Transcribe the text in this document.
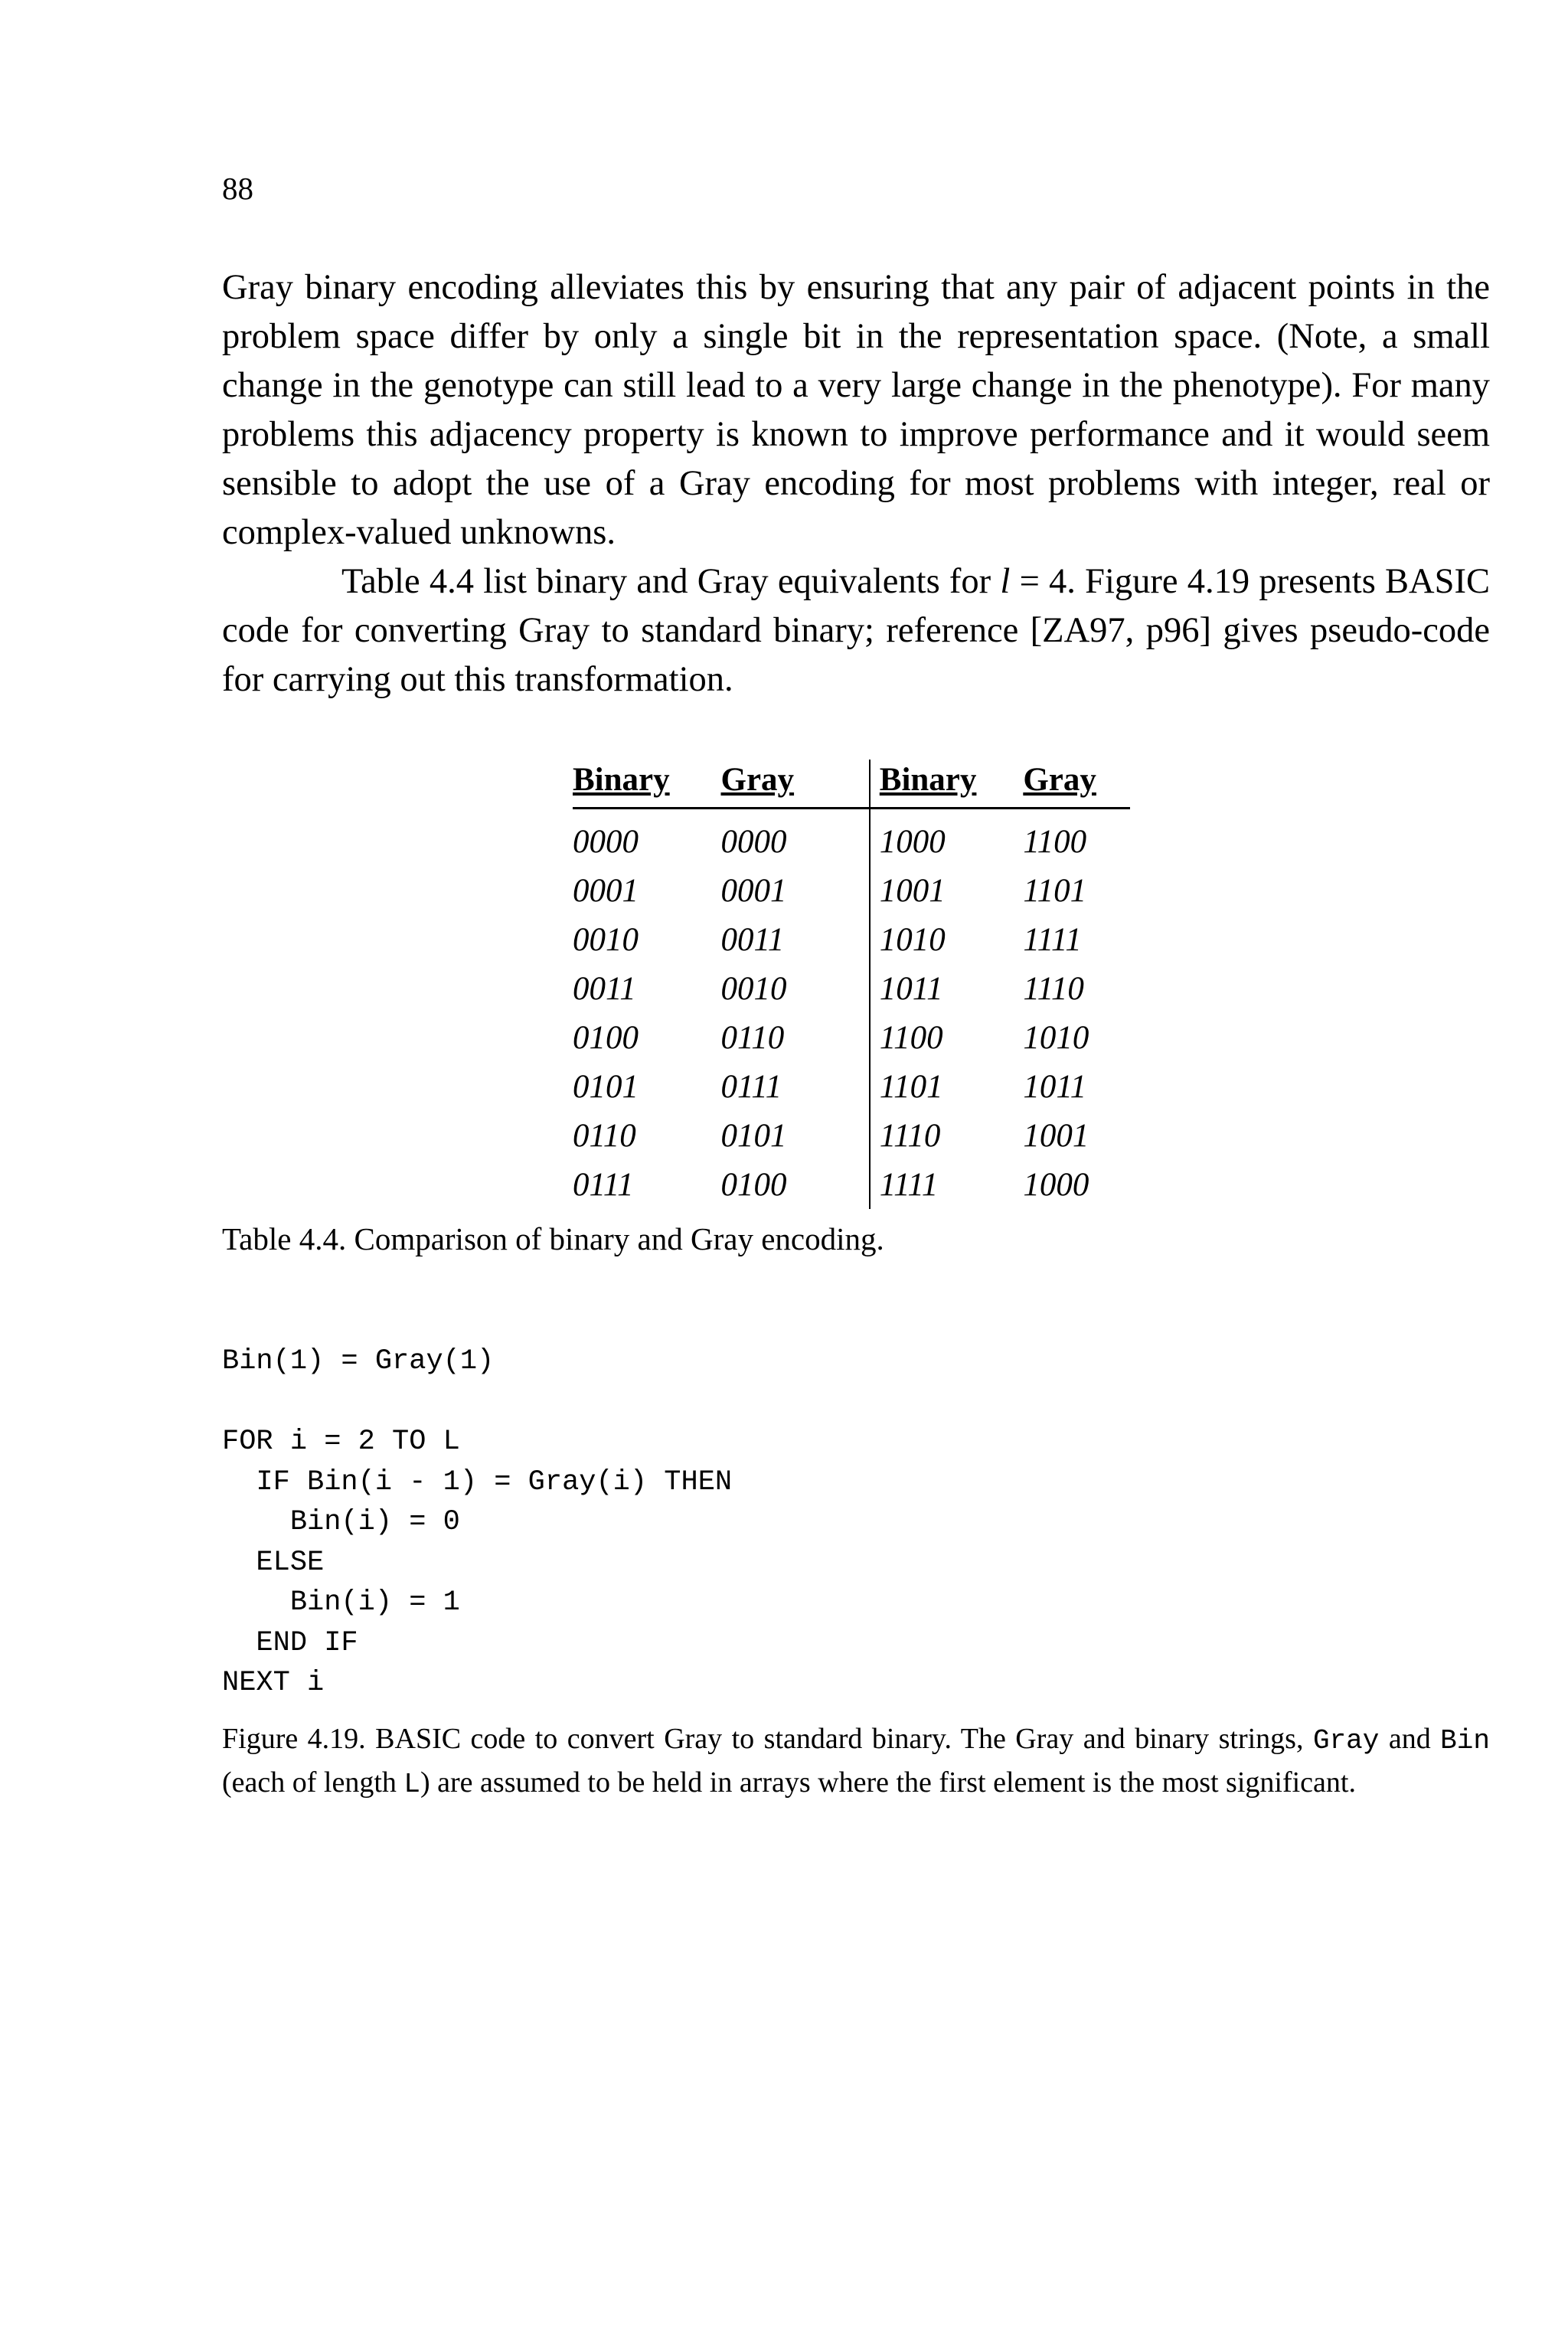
88

Gray binary encoding alleviates this by ensuring that any pair of adjacent points in the problem space differ by only a single bit in the representation space. (Note, a small change in the genotype can still lead to a very large change in the phenotype). For many problems this adjacency property is known to improve performance and it would seem sensible to adopt the use of a Gray encoding for most problems with integer, real or complex-valued unknowns.

Table 4.4 list binary and Gray equivalents for l = 4. Figure 4.19 presents BASIC code for converting Gray to standard binary; reference [ZA97, p96] gives pseudo-code for carrying out this transformation.

Binary	Gray	Binary	Gray
0000	0000	1000	1100
0001	0001	1001	1101
0010	0011	1010	1111
0011	0010	1011	1110
0100	0110	1100	1010
0101	0111	1101	1011
0110	0101	1110	1001
0111	0100	1111	1000
Table 4.4. Comparison of binary and Gray encoding.
Bin(1) = Gray(1)
FOR i = 2 TO L
IF Bin(i - 1) = Gray(i) THEN
Bin(i) = 0
ELSE
Bin(i) = 1
END IF
NEXT i
Figure 4.19. BASIC code to convert Gray to standard binary. The Gray and binary strings, Gray and Bin (each of length L) are assumed to be held in arrays where the first element is the most significant.
